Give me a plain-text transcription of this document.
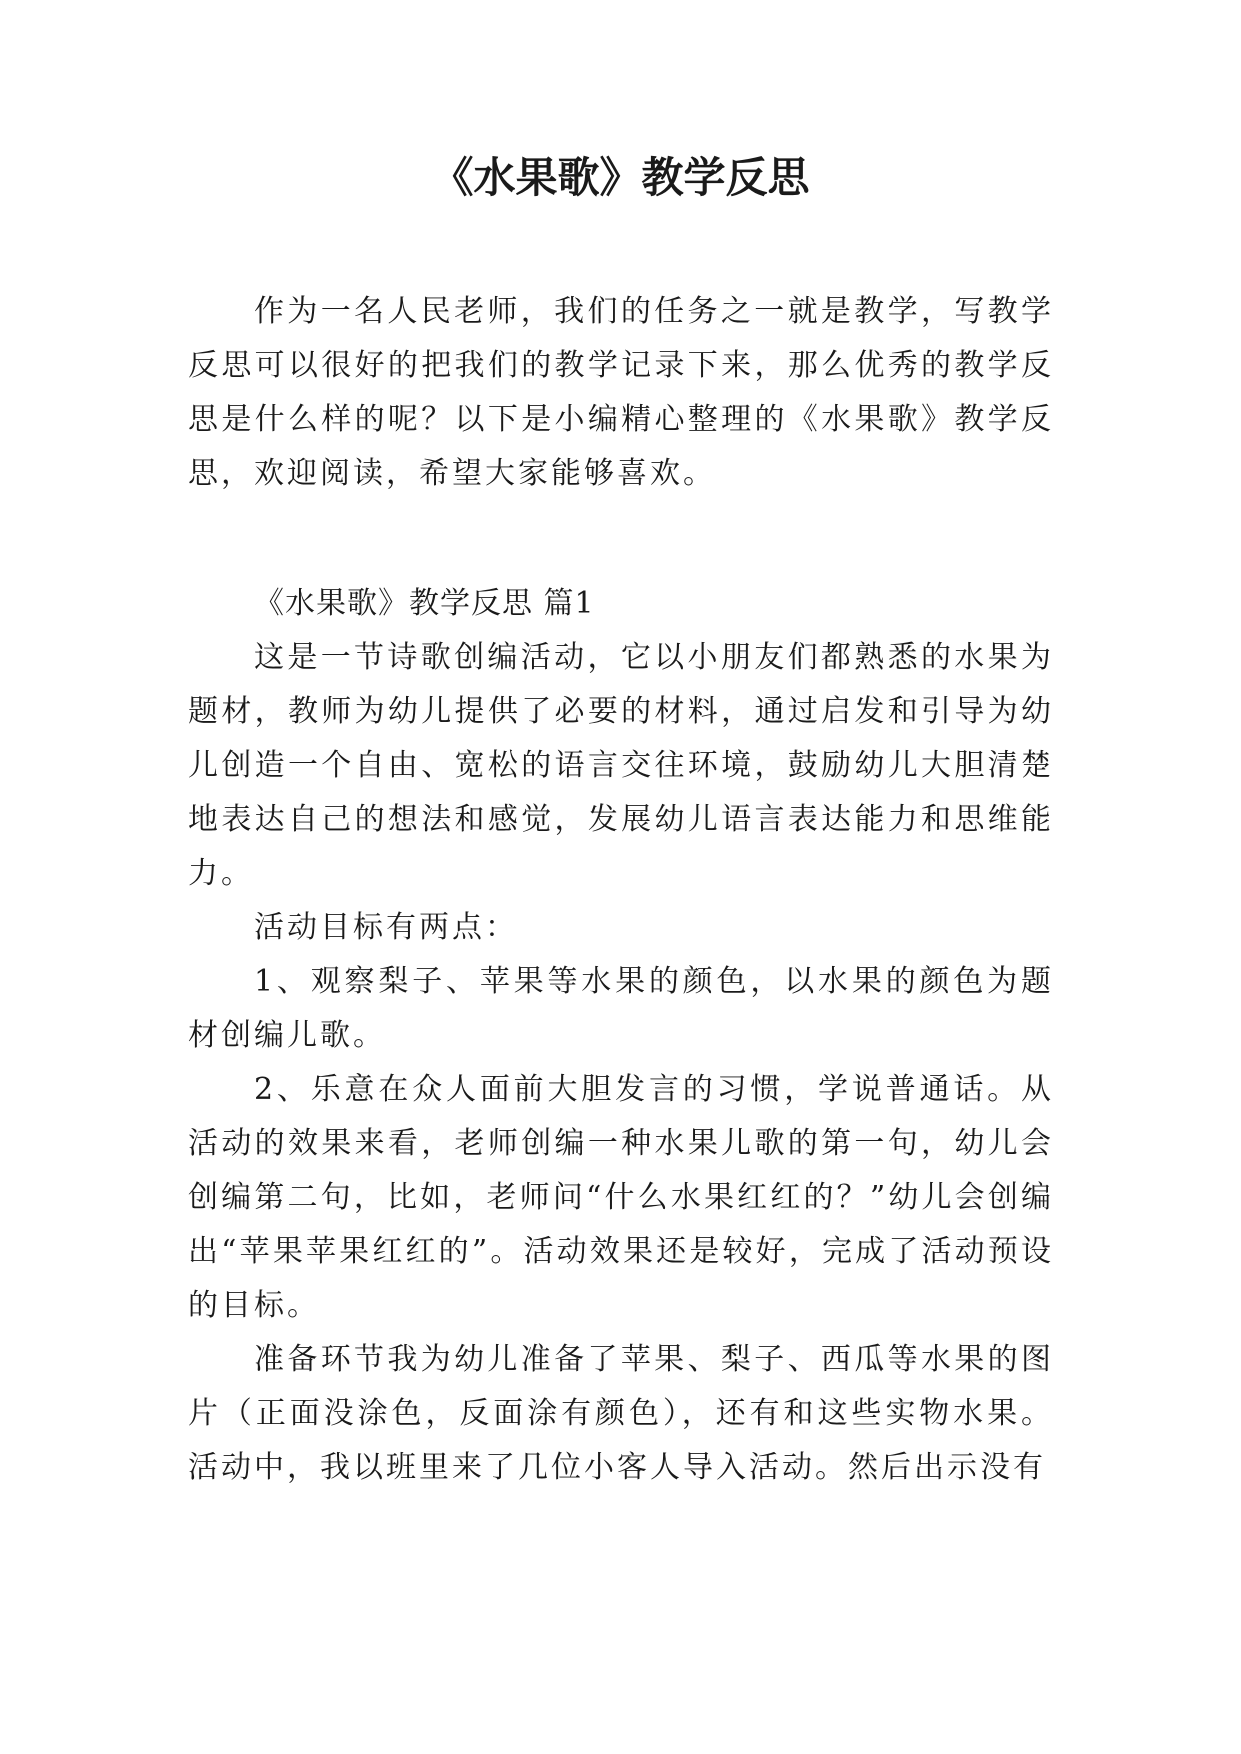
《水果歌》教学反思

作为一名人民老师，我们的任务之一就是教学，写教学反思可以很好的把我们的教学记录下来，那么优秀的教学反思是什么样的呢？以下是小编精心整理的《水果歌》教学反思，欢迎阅读，希望大家能够喜欢。

《水果歌》教学反思 篇1

这是一节诗歌创编活动，它以小朋友们都熟悉的水果为题材，教师为幼儿提供了必要的材料，通过启发和引导为幼儿创造一个自由、宽松的语言交往环境，鼓励幼儿大胆清楚地表达自己的想法和感觉，发展幼儿语言表达能力和思维能力。

活动目标有两点：

1、观察梨子、苹果等水果的颜色，以水果的颜色为题材创编儿歌。

2、乐意在众人面前大胆发言的习惯，学说普通话。从活动的效果来看，老师创编一种水果儿歌的第一句，幼儿会创编第二句，比如，老师问“什么水果红红的？”幼儿会创编出“苹果苹果红红的”。活动效果还是较好，完成了活动预设的目标。

准备环节我为幼儿准备了苹果、梨子、西瓜等水果的图片（正面没涂色，反面涂有颜色），还有和这些实物水果。活动中，我以班里来了几位小客人导入活动。然后出示没有
